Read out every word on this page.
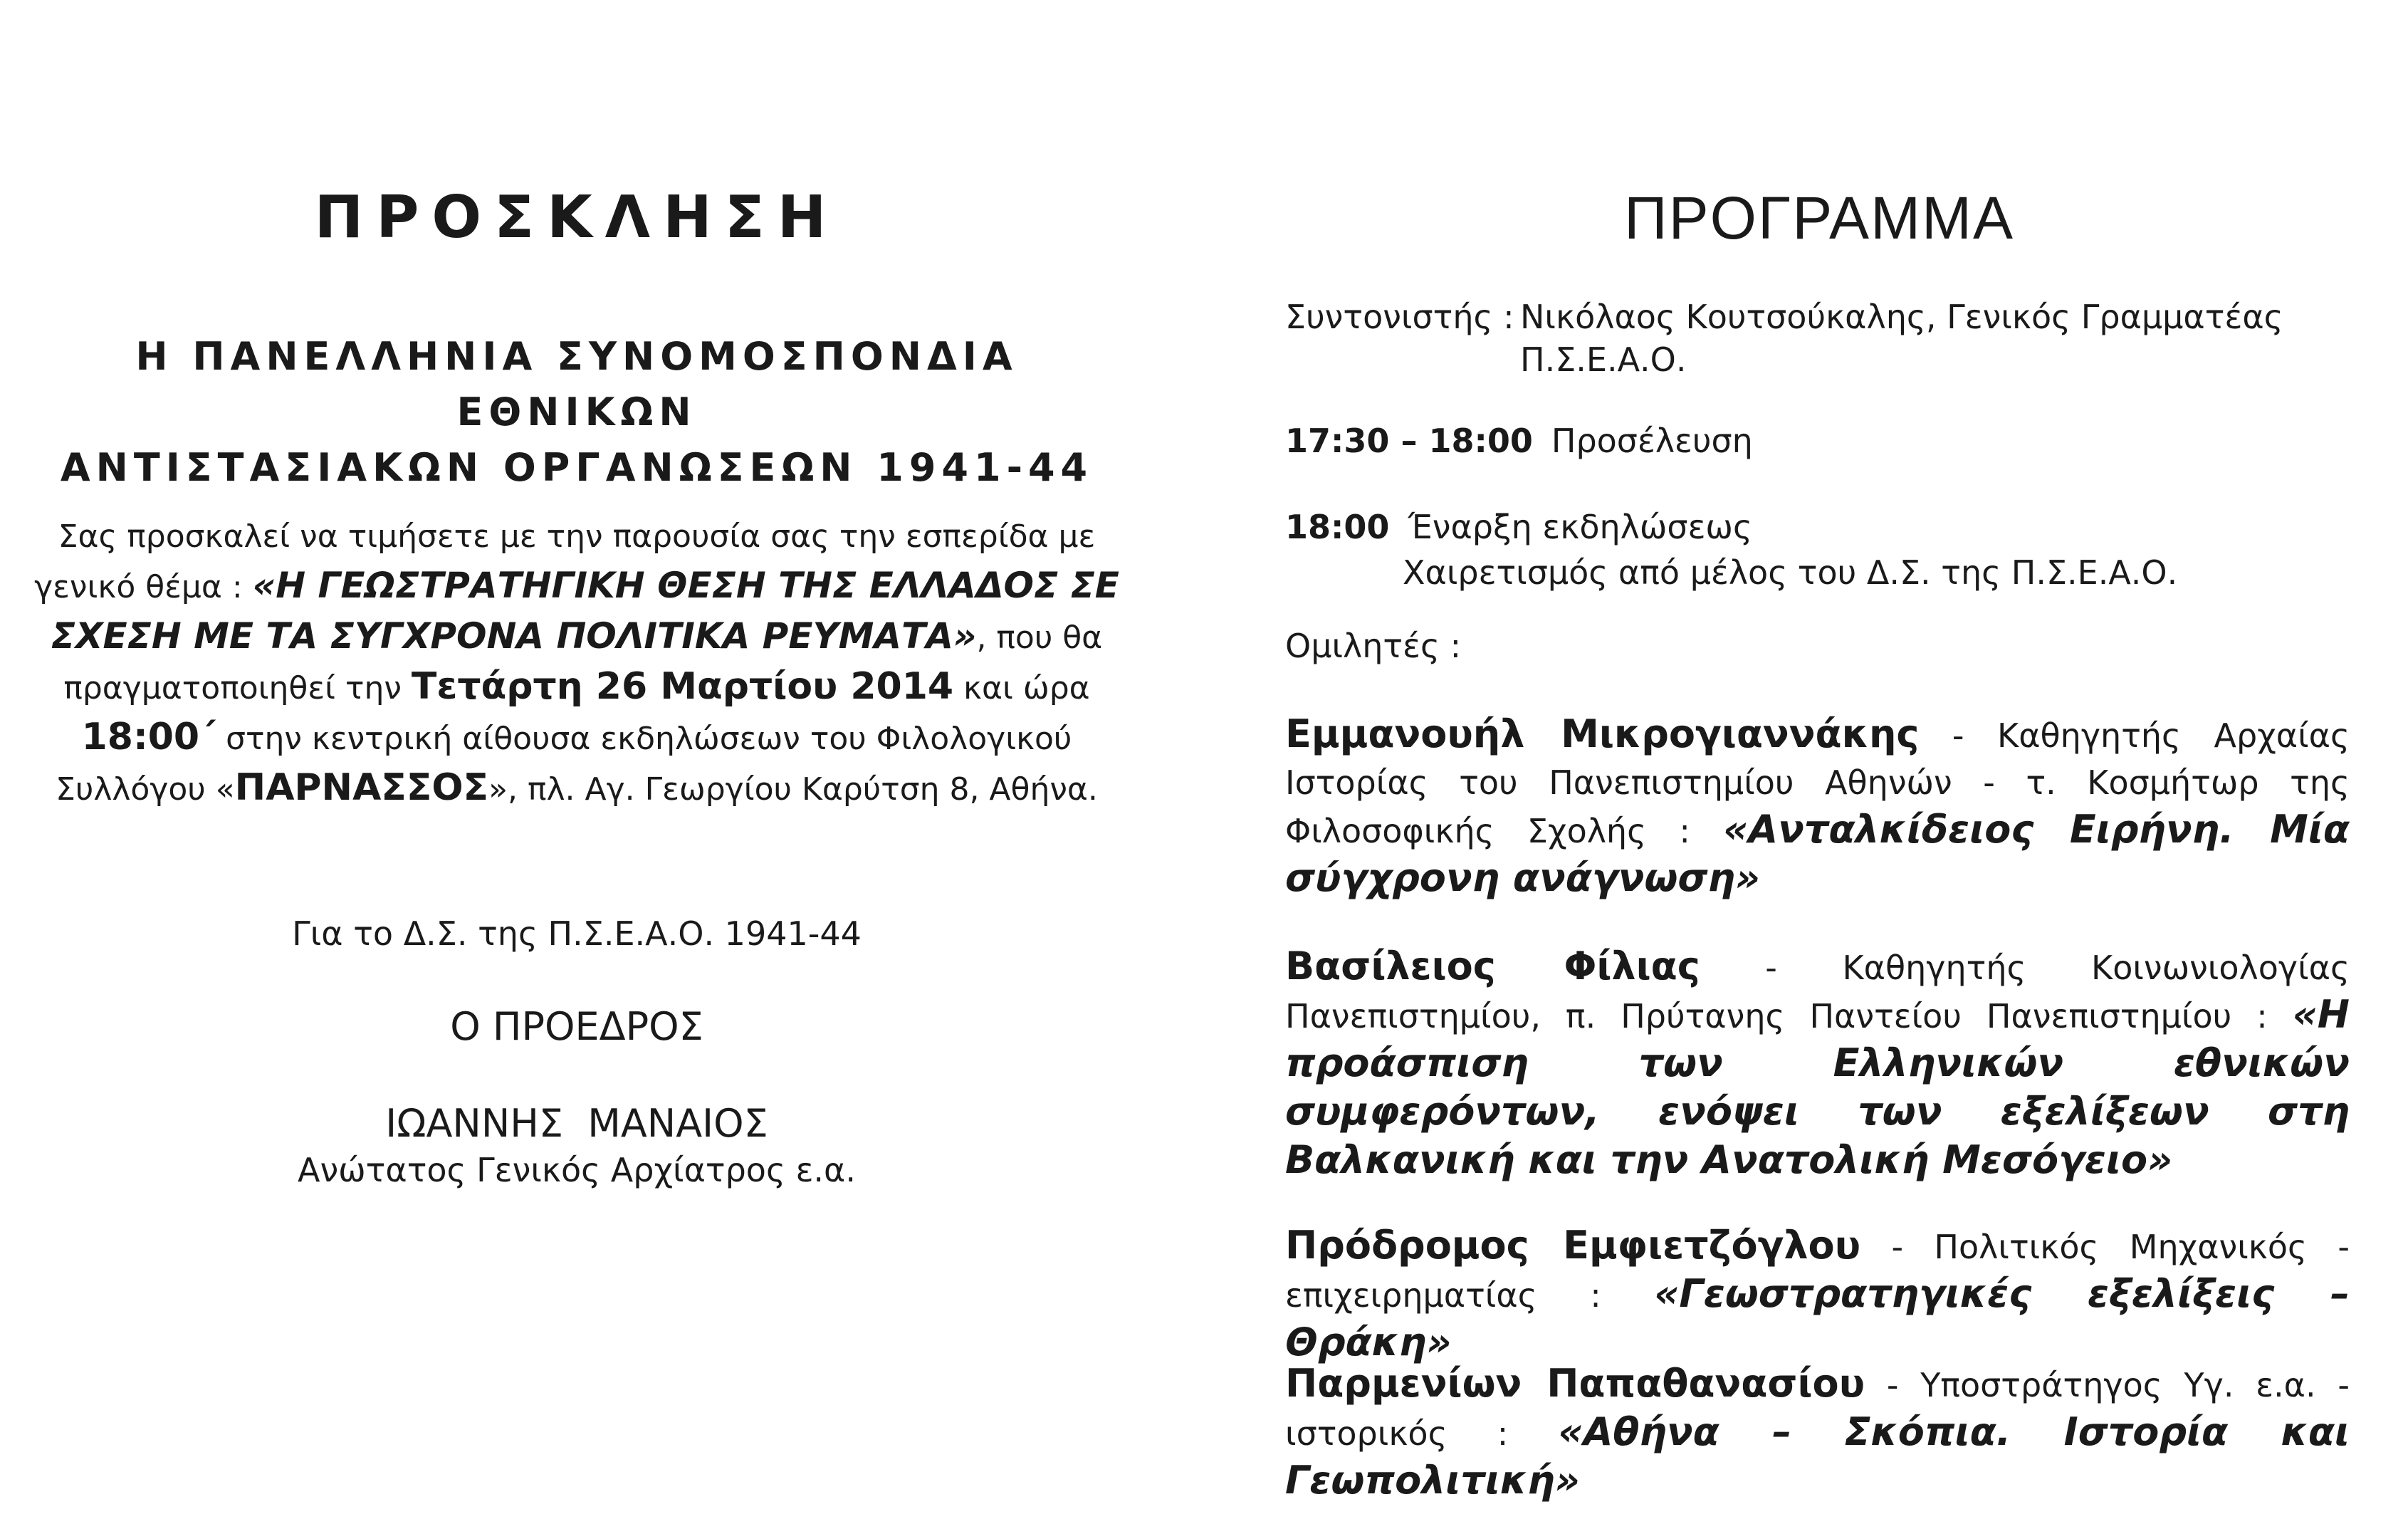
ΠΡΟΣΚΛΗΣΗ
Η ΠΑΝΕΛΛΗΝΙΑ ΣΥΝΟΜΟΣΠΟΝΔΙΑ ΕΘΝΙΚΩΝ
ΑΝΤΙΣΤΑΣΙΑΚΩΝ ΟΡΓΑΝΩΣΕΩΝ 1941-44
Σας προσκαλεί να τιμήσετε με την παρουσία σας την εσπερίδα με γενικό θέμα : «Η ΓΕΩΣΤΡΑΤΗΓΙΚΗ ΘΕΣΗ ΤΗΣ ΕΛΛΑΔΟΣ ΣΕ ΣΧΕΣΗ ΜΕ ΤΑ ΣΥΓΧΡΟΝΑ ΠΟΛΙΤΙΚΑ ΡΕΥΜΑΤΑ», που θα πραγματοποιηθεί την Τετάρτη 26 Μαρτίου 2014 και ώρα 18:00΄ στην κεντρική αίθουσα εκδηλώσεων του Φιλολογικού Συλλόγου «ΠΑΡΝΑΣΣΟΣ», πλ. Αγ. Γεωργίου Καρύτση 8, Αθήνα.
Για το Δ.Σ. της Π.Σ.Ε.Α.Ο. 1941-44
Ο ΠΡΟΕΔΡΟΣ
ΙΩΑΝΝΗΣ  ΜΑΝΑΙΟΣ
Ανώτατος Γενικός Αρχίατρος ε.α.
ΠΡΟΓΡΑΜΜΑ
Συντονιστής : Νικόλαος Κουτσούκαλης, Γενικός Γραμματέας Π.Σ.Ε.Α.Ο.
17:30 – 18:00 Προσέλευση
18:00 Έναρξη εκδηλώσεως
Χαιρετισμός από μέλος του Δ.Σ. της Π.Σ.Ε.Α.Ο.
Ομιλητές :
Εμμανουήλ Μικρογιαννάκης - Καθηγητής Αρχαίας Ιστορίας του Πανεπιστημίου Αθηνών - τ. Κοσμήτωρ της Φιλοσοφικής Σχολής : «Ανταλκίδειος Ειρήνη. Μία σύγχρονη ανάγνωση»
Βασίλειος Φίλιας - Καθηγητής Κοινωνιολογίας Πανεπιστημίου, π. Πρύτανης Παντείου Πανεπιστημίου : «Η προάσπιση των Ελληνικών εθνικών συμφερόντων, ενόψει των εξελίξεων στη Βαλκανική και την Ανατολική Μεσόγειο»
Πρόδρομος Εμφιετζόγλου - Πολιτικός Μηχανικός - επιχειρηματίας : «Γεωστρατηγικές εξελίξεις – Θράκη»
Παρμενίων Παπαθανασίου - Υποστράτηγος Υγ. ε.α. - ιστορικός : «Αθήνα – Σκόπια. Ιστορία και Γεωπολιτική»
